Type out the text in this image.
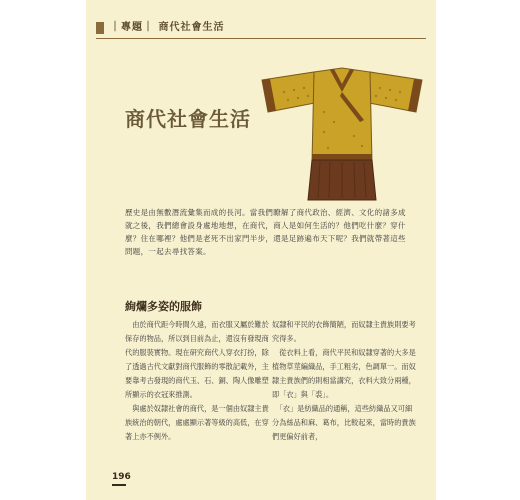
｜專題｜ 商代社會生活
商代社會生活

歷史是由無數潛流彙集而成的長河。當我們瞭解了商代政治、經濟、文化的諸多成就之後，我們總會設身處地地想，在商代，商人是如何生活的？他們吃什麼？穿什麼？住在哪裡？他們是老死不出家門半步，還是足跡遍布天下呢？我們就帶著這些問題，一起去尋找答案。

絢爛多姿的服飾

　由於商代距今時間久遠，而衣服又屬於難於保存的物品，所以到目前為止，還沒有發現商代的服裝實物。現在研究商代人穿衣打扮，除了透過古代文獻對商代服飾的零散記載外，主要靠考古發現的商代玉、石、銅、陶人像雕塑所顯示的衣冠來推測。

　與處於奴隸社會的商代，是一個由奴隸主貴族統治的朝代，處處顯示著等級的高低，在穿著上亦不例外。

奴隸和平民的衣飾簡陋，而奴隸主貴族則要考究得多。

　從衣料上看，商代平民和奴隸穿著的大多是植物草莖編織品，手工粗劣，色調單一。而奴隸主貴族們的則相當講究，衣料大致分兩種，即「衣」與「裘」。

　「衣」是紡織品的通稱，這些紡織品又可細分為絲品和麻、葛布，比較起來，當時的貴族們更偏好前者，

196
